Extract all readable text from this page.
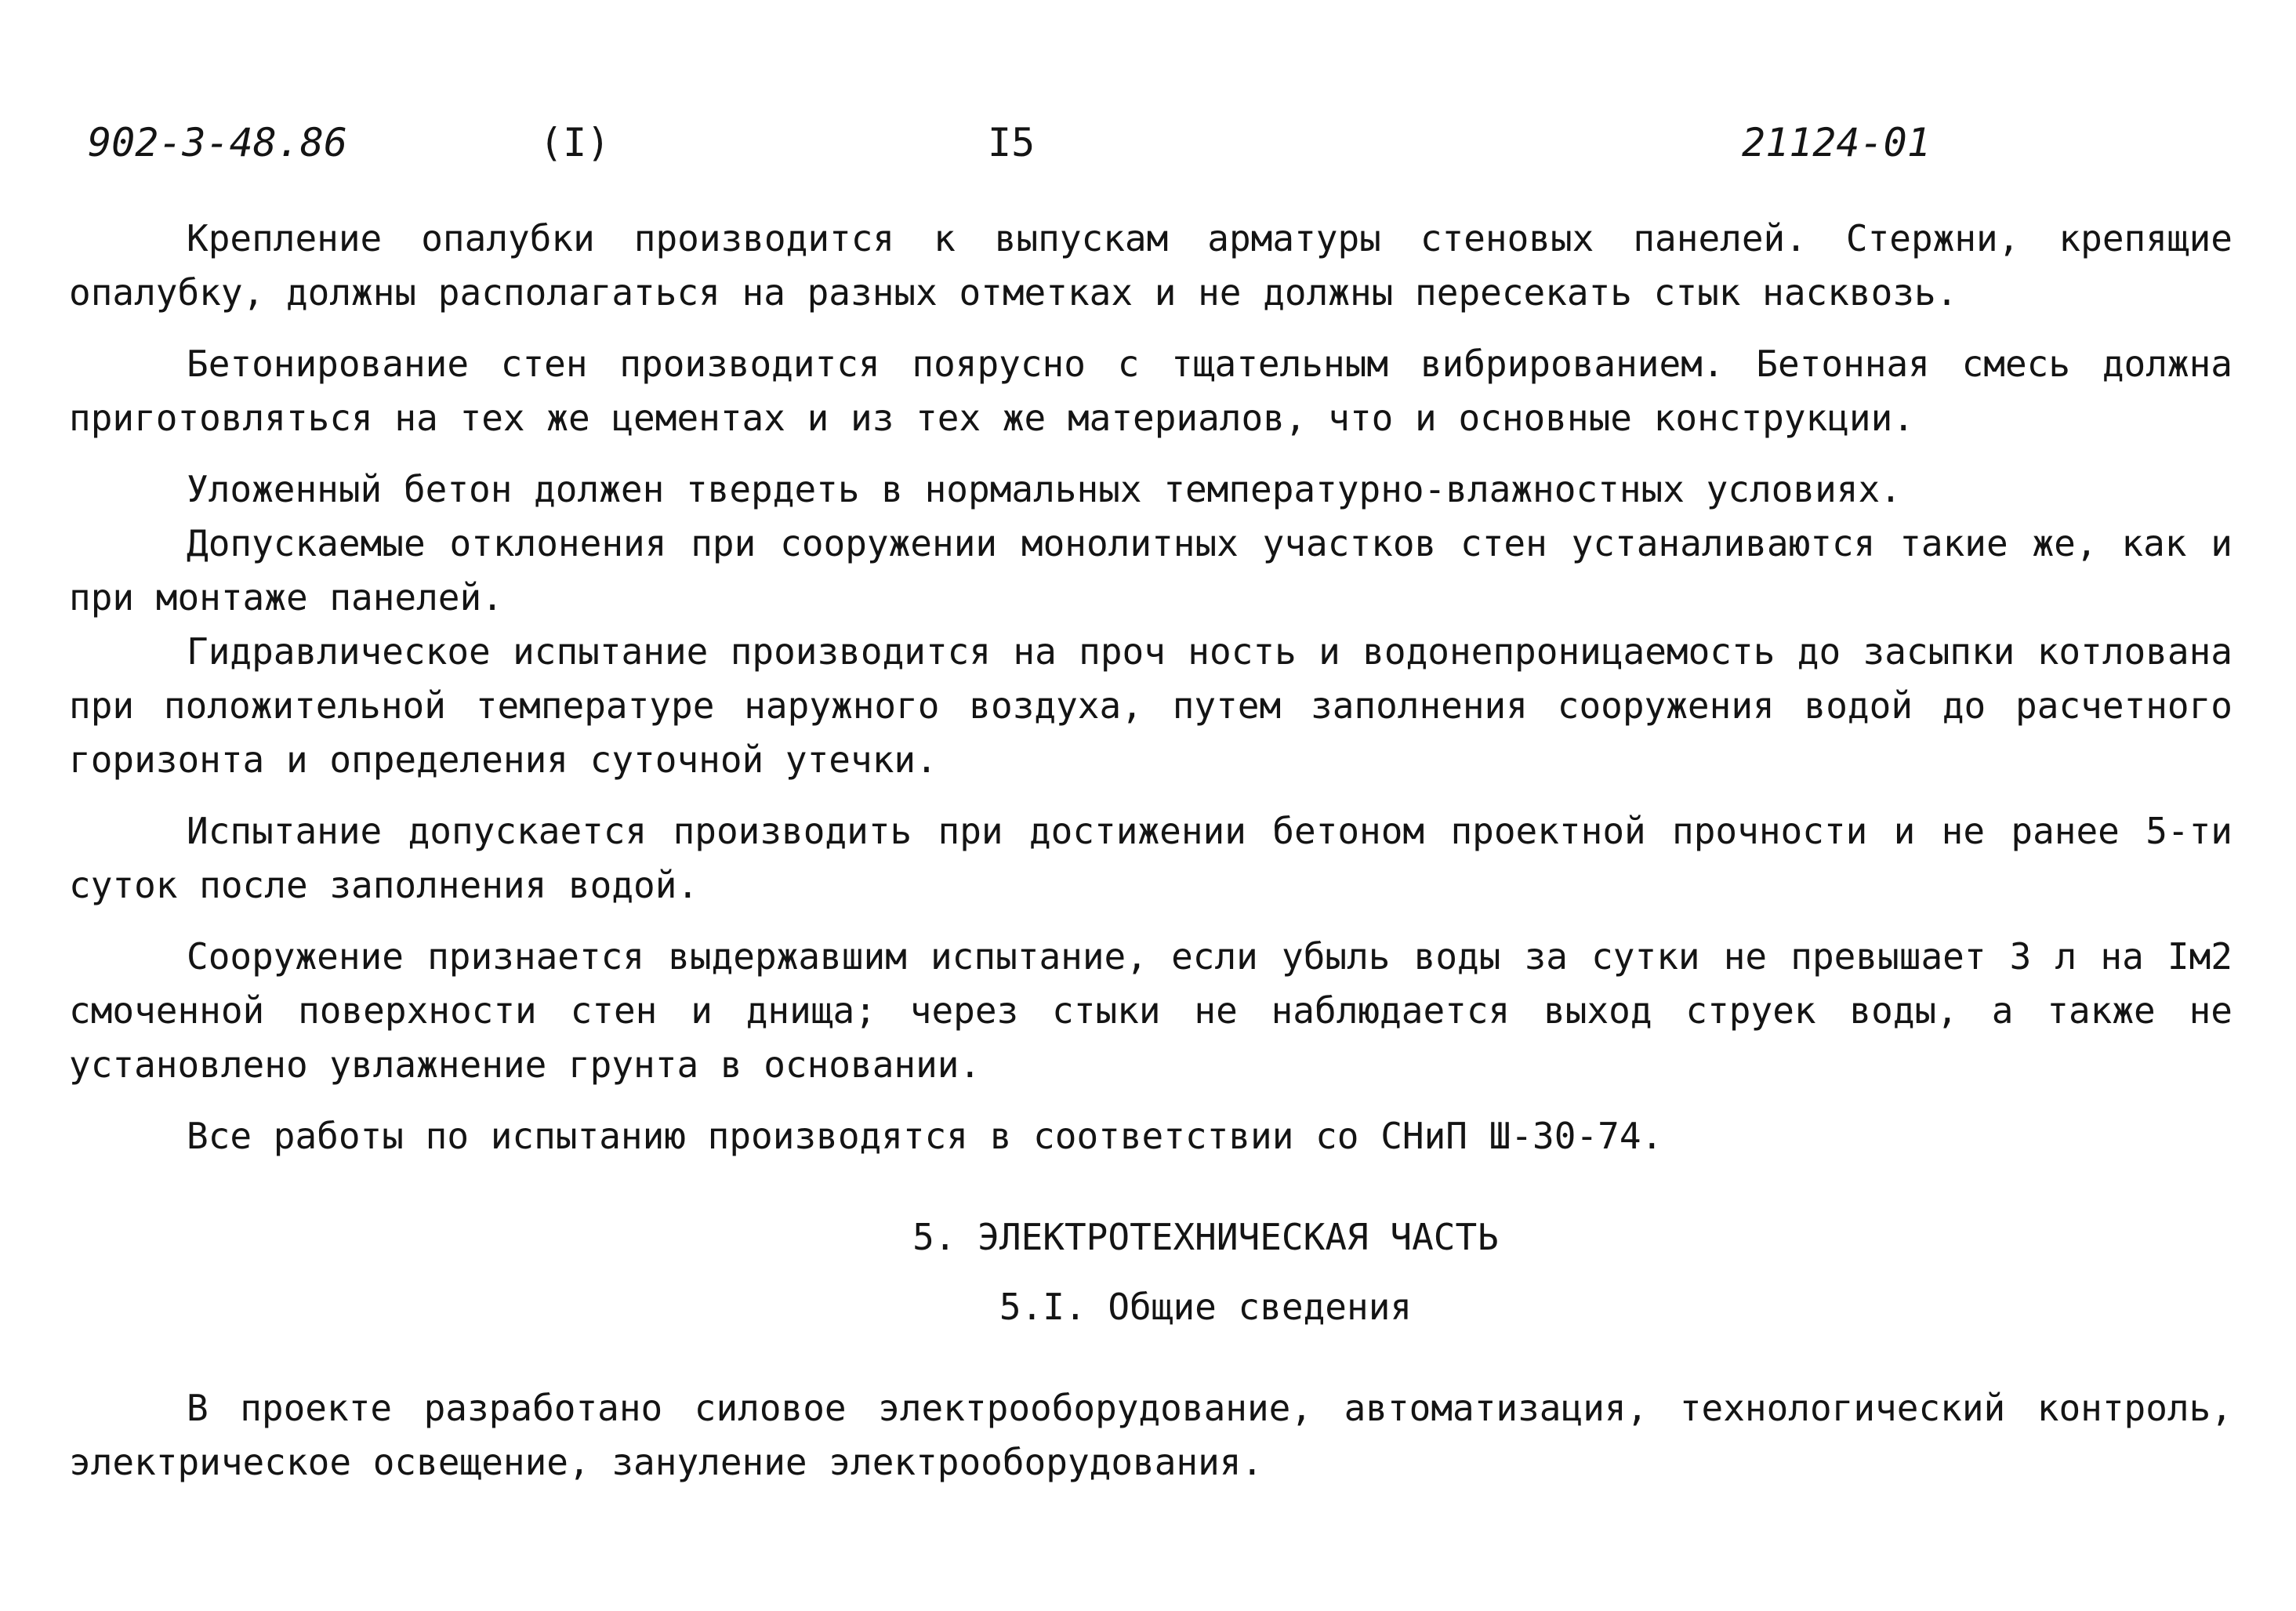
902-3-48.86	(I)	I5	21124-01

Крепление опалубки производится к выпускам арматуры стеновых панелей. Стержни, крепящие опалубку, должны располагаться на разных отметках и не должны пересекать стык насквозь.

Бетонирование стен производится поярусно с тщательным вибрированием. Бетонная смесь должна приготовляться на тех же цементах и из тех же материалов, что и основные конструкции.

Уложенный бетон должен твердеть в нормальных температурно-влажностных условиях.

Допускаемые отклонения при сооружении монолитных участков стен устаналиваются такие же, как и при монтаже панелей.

Гидравлическое испытание производится на проч ность и водонепроницаемость до засыпки котлована при положительной температуре наружного воздуха, путем заполнения сооружения водой до расчетного горизонта и определения суточной утечки.

Испытание допускается производить при достижении бетоном проектной прочности и не ранее 5-ти суток после заполнения водой.

Сооружение признается выдержавшим испытание, если убыль воды за сутки не превышает 3 л на Iм2 смоченной поверхности стен и днища; через стыки не наблюдается выход струек воды, а также не установлено увлажнение грунта в основании.

Все работы по испытанию производятся в соответствии со СНиП Ш-30-74.

5. ЭЛЕКТРОТЕХНИЧЕСКАЯ ЧАСТЬ

5.I. Общие сведения

В проекте разработано силовое электрооборудование, автоматизация, технологический контроль, электрическое освещение, зануление электрооборудования.
